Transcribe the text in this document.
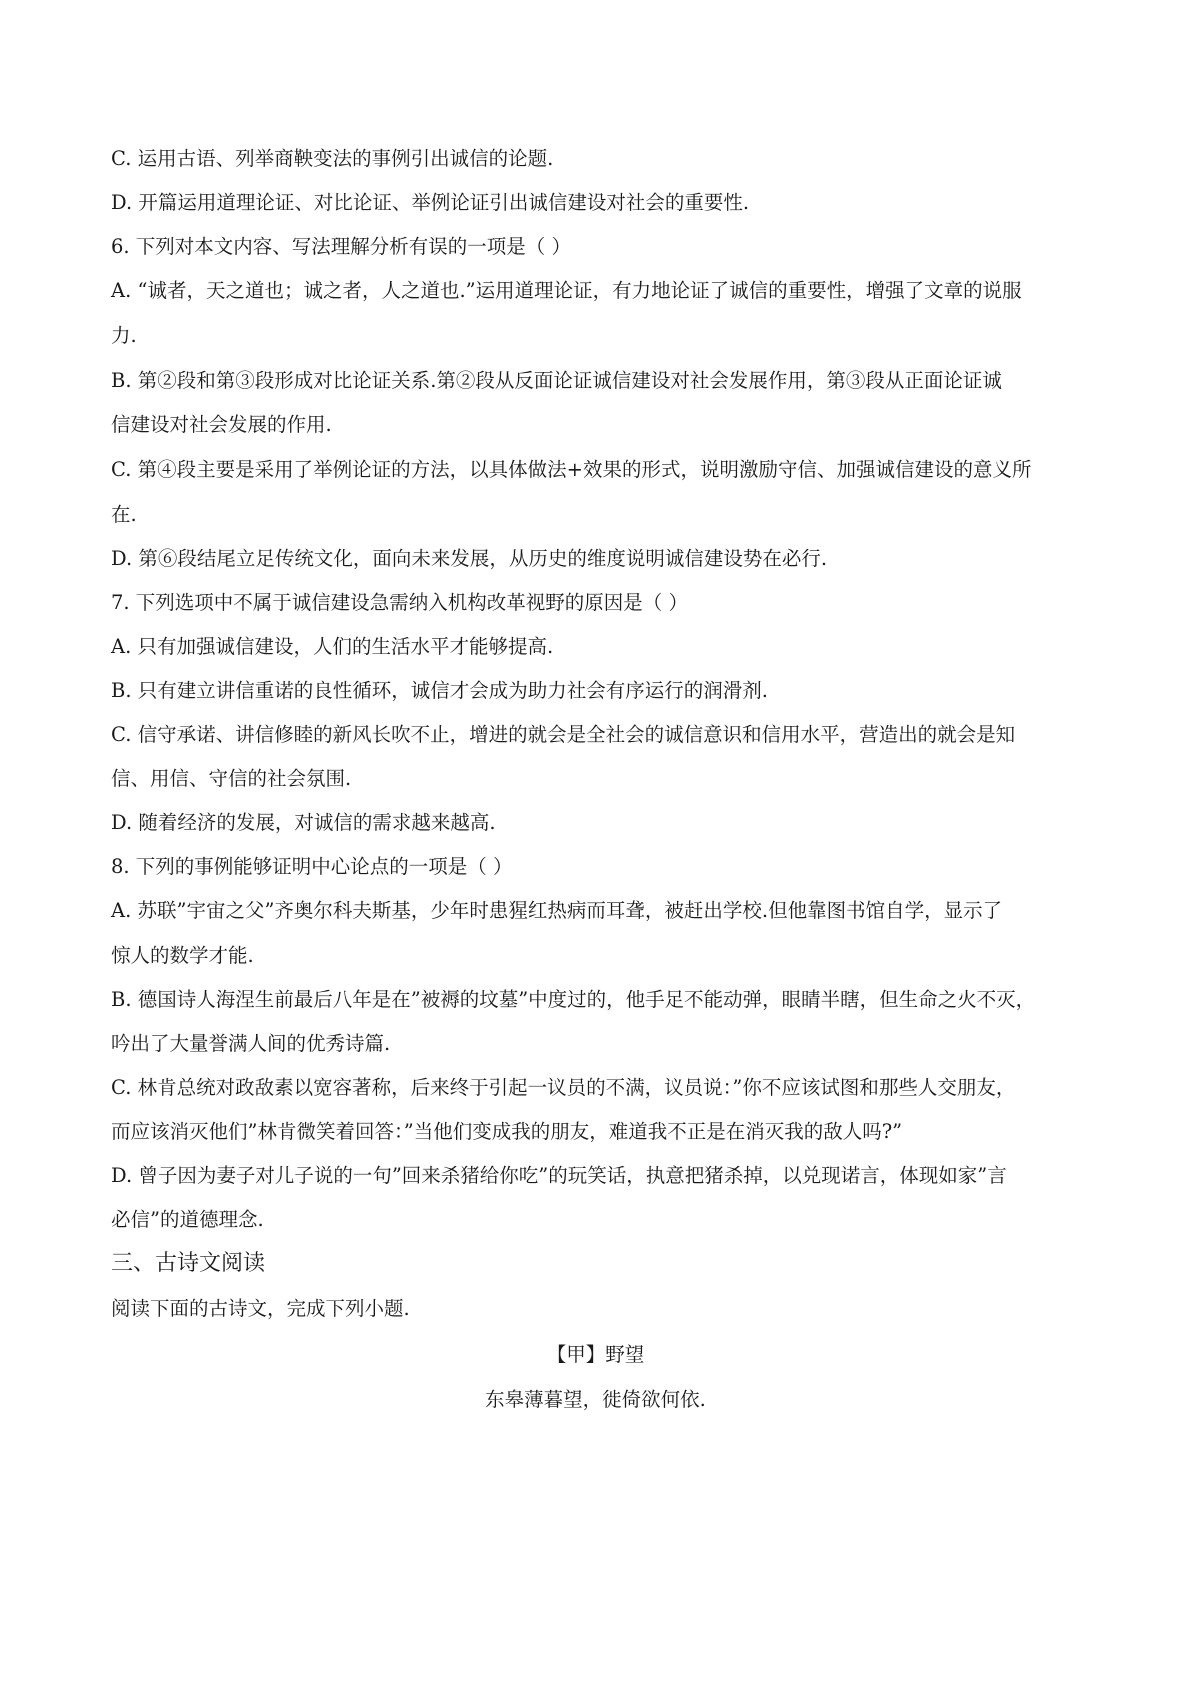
C. 运用古语、列举商鞅变法的事例引出诚信的论题.
D. 开篇运用道理论证、对比论证、举例论证引出诚信建设对社会的重要性.
6. 下列对本文内容、写法理解分析有误的一项是（ ）
A. “诚者，天之道也；诚之者，人之道也.”运用道理论证，有力地论证了诚信的重要性，增强了文章的说服
力.
B. 第②段和第③段形成对比论证关系.第②段从反面论证诚信建设对社会发展作用，第③段从正面论证诚
信建设对社会发展的作用.
C. 第④段主要是采用了举例论证的方法，以具体做法+效果的形式，说明激励守信、加强诚信建设的意义所
在.
D. 第⑥段结尾立足传统文化，面向未来发展，从历史的维度说明诚信建设势在必行.
7. 下列选项中不属于诚信建设急需纳入机构改革视野的原因是（ ）
A. 只有加强诚信建设，人们的生活水平才能够提高.
B. 只有建立讲信重诺的良性循环，诚信才会成为助力社会有序运行的润滑剂.
C. 信守承诺、讲信修睦的新风长吹不止，增进的就会是全社会的诚信意识和信用水平，营造出的就会是知
信、用信、守信的社会氛围.
D. 随着经济的发展，对诚信的需求越来越高.
8. 下列的事例能够证明中心论点的一项是（ ）
A. 苏联”宇宙之父”齐奥尔科夫斯基，少年时患猩红热病而耳聋，被赶出学校.但他靠图书馆自学，显示了
惊人的数学才能.
B. 德国诗人海涅生前最后八年是在”被褥的坟墓”中度过的，他手足不能动弹，眼睛半瞎，但生命之火不灭，
吟出了大量誉满人间的优秀诗篇.
C. 林肯总统对政敌素以宽容著称，后来终于引起一议员的不满，议员说：”你不应该试图和那些人交朋友，
而应该消灭他们”林肯微笑着回答：”当他们变成我的朋友，难道我不正是在消灭我的敌人吗?”
D. 曾子因为妻子对儿子说的一句”回来杀猪给你吃”的玩笑话，执意把猪杀掉，以兑现诺言，体现如家”言
必信”的道德理念.
三、古诗文阅读
阅读下面的古诗文，完成下列小题.
【甲】野望
东皋薄暮望，徙倚欲何依.
